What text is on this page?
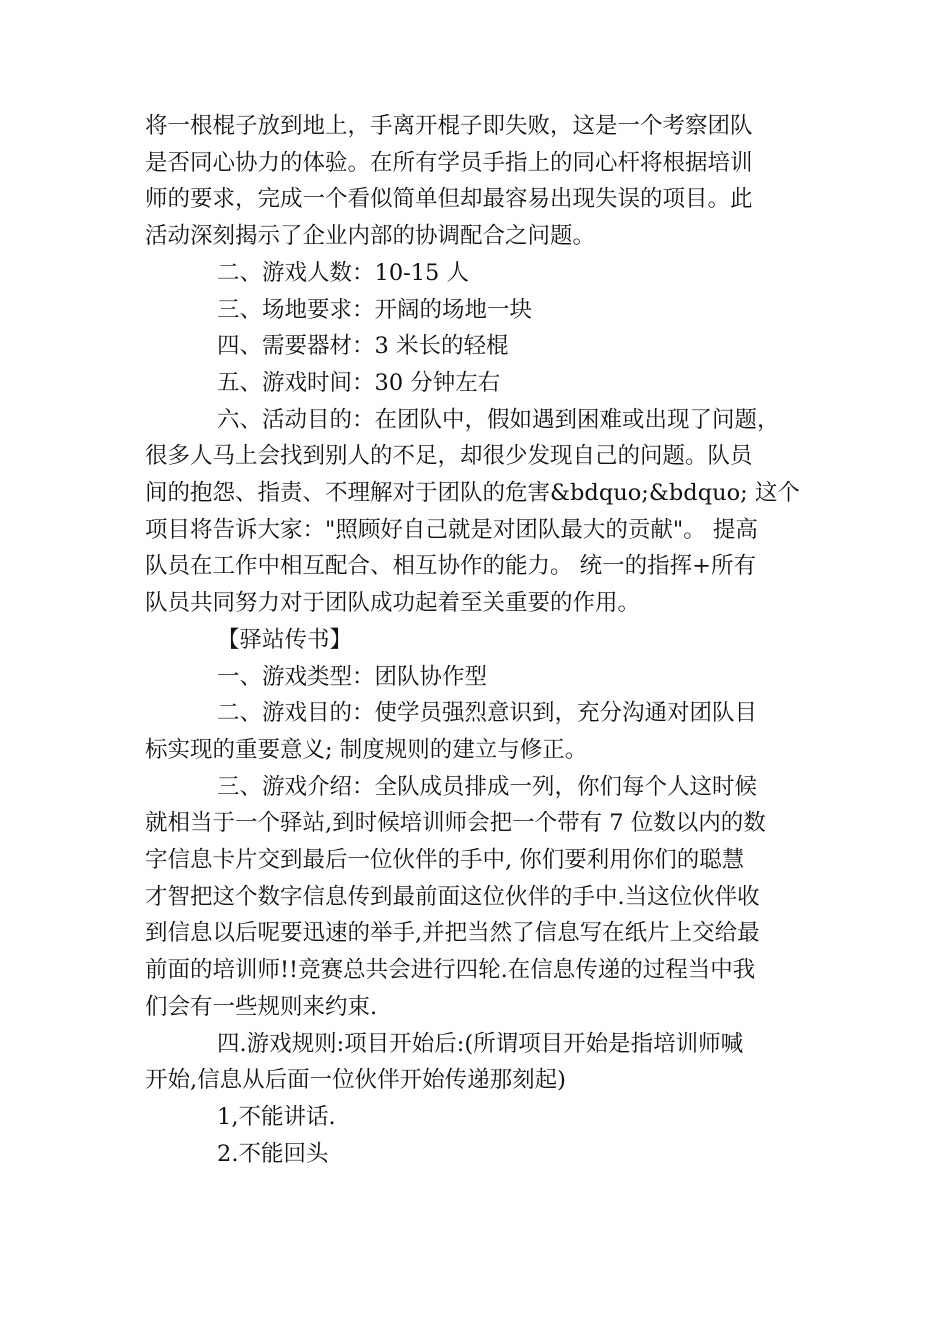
将一根棍子放到地上，手离开棍子即失败，这是一个考察团队
是否同心协力的体验。在所有学员手指上的同心杆将根据培训
师的要求，完成一个看似简单但却最容易出现失误的项目。此
活动深刻揭示了企业内部的协调配合之问题。
二、游戏人数：10-15 人
三、场地要求：开阔的场地一块
四、需要器材：3 米长的轻棍
五、游戏时间：30 分钟左右
六、活动目的：在团队中，假如遇到困难或出现了问题，
很多人马上会找到别人的不足，却很少发现自己的问题。队员
间的抱怨、指责、不理解对于团队的危害&bdquo;&bdquo; 这个
项目将告诉大家："照顾好自己就是对团队最大的贡献"。 提高
队员在工作中相互配合、相互协作的能力。 统一的指挥+所有
队员共同努力对于团队成功起着至关重要的作用。
【驿站传书】
一、游戏类型：团队协作型
二、游戏目的：使学员强烈意识到，充分沟通对团队目
标实现的重要意义; 制度规则的建立与修正。
三、游戏介绍：全队成员排成一列，你们每个人这时候
就相当于一个驿站,到时候培训师会把一个带有 7 位数以内的数
字信息卡片交到最后一位伙伴的手中, 你们要利用你们的聪慧
才智把这个数字信息传到最前面这位伙伴的手中.当这位伙伴收
到信息以后呢要迅速的举手,并把当然了信息写在纸片上交给最
前面的培训师!!竞赛总共会进行四轮.在信息传递的过程当中我
们会有一些规则来约束.
四.游戏规则:项目开始后:(所谓项目开始是指培训师喊
开始,信息从后面一位伙伴开始传递那刻起)
1,不能讲话.
2.不能回头
